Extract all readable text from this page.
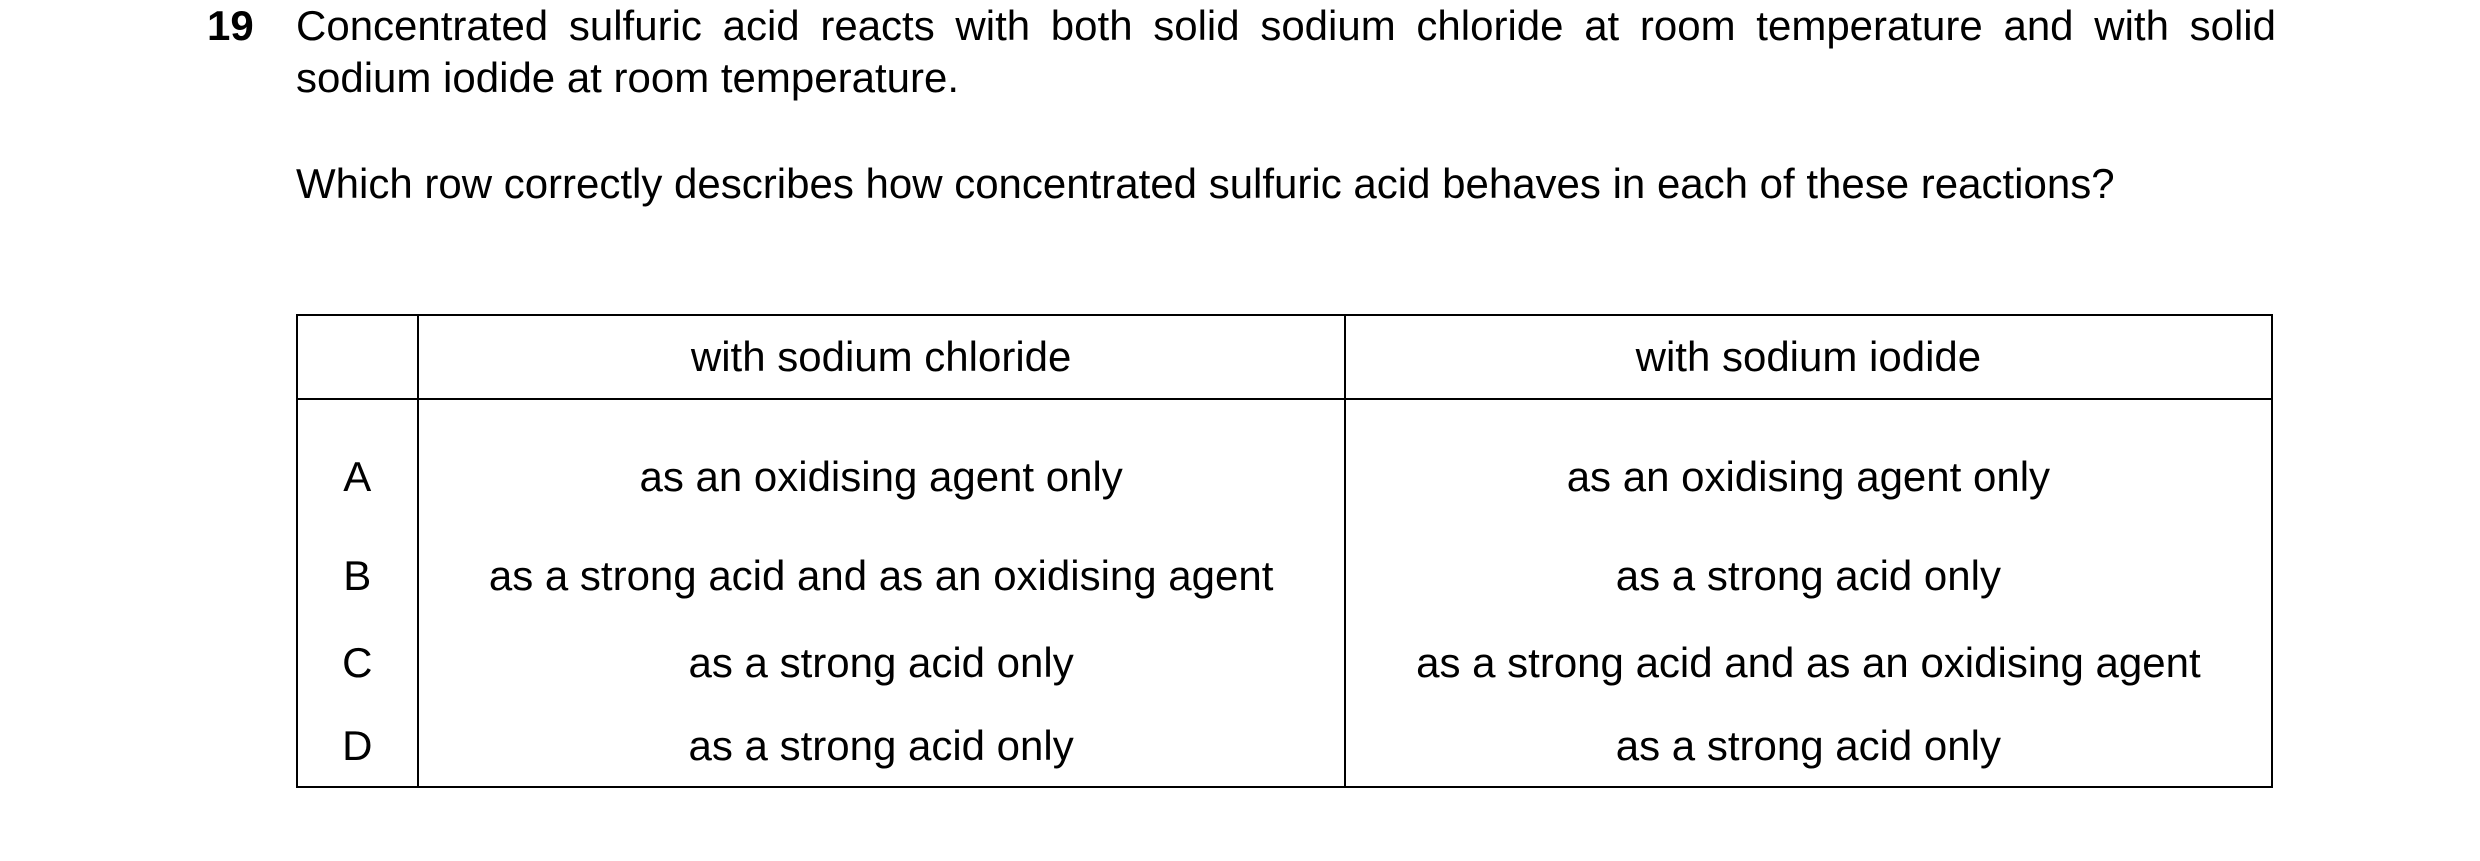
19 Concentrated sulfuric acid reacts with both solid sodium chloride at room temperature and with solid sodium iodide at room temperature.
Which row correctly describes how concentrated sulfuric acid behaves in each of these reactions?
	with sodium chloride	with sodium iodide
A	as an oxidising agent only	as an oxidising agent only
B	as a strong acid and as an oxidising agent	as a strong acid only
C	as a strong acid only	as a strong acid and as an oxidising agent
D	as a strong acid only	as a strong acid only
